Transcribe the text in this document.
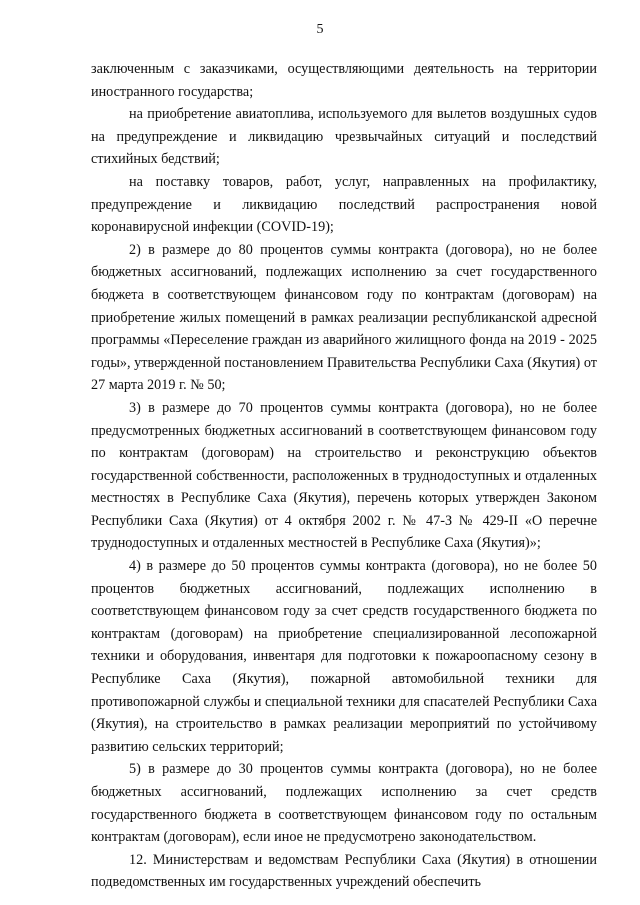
5

заключенным с заказчиками, осуществляющими деятельность на территории иностранного государства;

на приобретение авиатоплива, используемого для вылетов воздушных судов на предупреждение и ликвидацию чрезвычайных ситуаций и последствий стихийных бедствий;

на поставку товаров, работ, услуг, направленных на профилактику, предупреждение и ликвидацию последствий распространения новой коронавирусной инфекции (COVID-19);

2) в размере до 80 процентов суммы контракта (договора), но не более бюджетных ассигнований, подлежащих исполнению за счет государственного бюджета в соответствующем финансовом году по контрактам (договорам) на приобретение жилых помещений в рамках реализации республиканской адресной программы «Переселение граждан из аварийного жилищного фонда на 2019 - 2025 годы», утвержденной постановлением Правительства Республики Саха (Якутия) от 27 марта 2019 г. № 50;

3) в размере до 70 процентов суммы контракта (договора), но не более предусмотренных бюджетных ассигнований в соответствующем финансовом году по контрактам (договорам) на строительство и реконструкцию объектов государственной собственности, расположенных в труднодоступных и отдаленных местностях в Республике Саха (Якутия), перечень которых утвержден Законом Республики Саха (Якутия) от 4 октября 2002 г. № 47-З № 429-II «О перечне труднодоступных и отдаленных местностей в Республике Саха (Якутия)»;

4) в размере до 50 процентов суммы контракта (договора), но не более 50 процентов бюджетных ассигнований, подлежащих исполнению в соответствующем финансовом году за счет средств государственного бюджета по контрактам (договорам) на приобретение специализированной лесопожарной техники и оборудования, инвентаря для подготовки к пожароопасному сезону в Республике Саха (Якутия), пожарной автомобильной техники для противопожарной службы и специальной техники для спасателей Республики Саха (Якутия), на строительство в рамках реализации мероприятий по устойчивому развитию сельских территорий;

5) в размере до 30 процентов суммы контракта (договора), но не более бюджетных ассигнований, подлежащих исполнению за счет средств государственного бюджета в соответствующем финансовом году по остальным контрактам (договорам), если иное не предусмотрено законодательством.

12. Министерствам и ведомствам Республики Саха (Якутия) в отношении подведомственных им государственных учреждений обеспечить
